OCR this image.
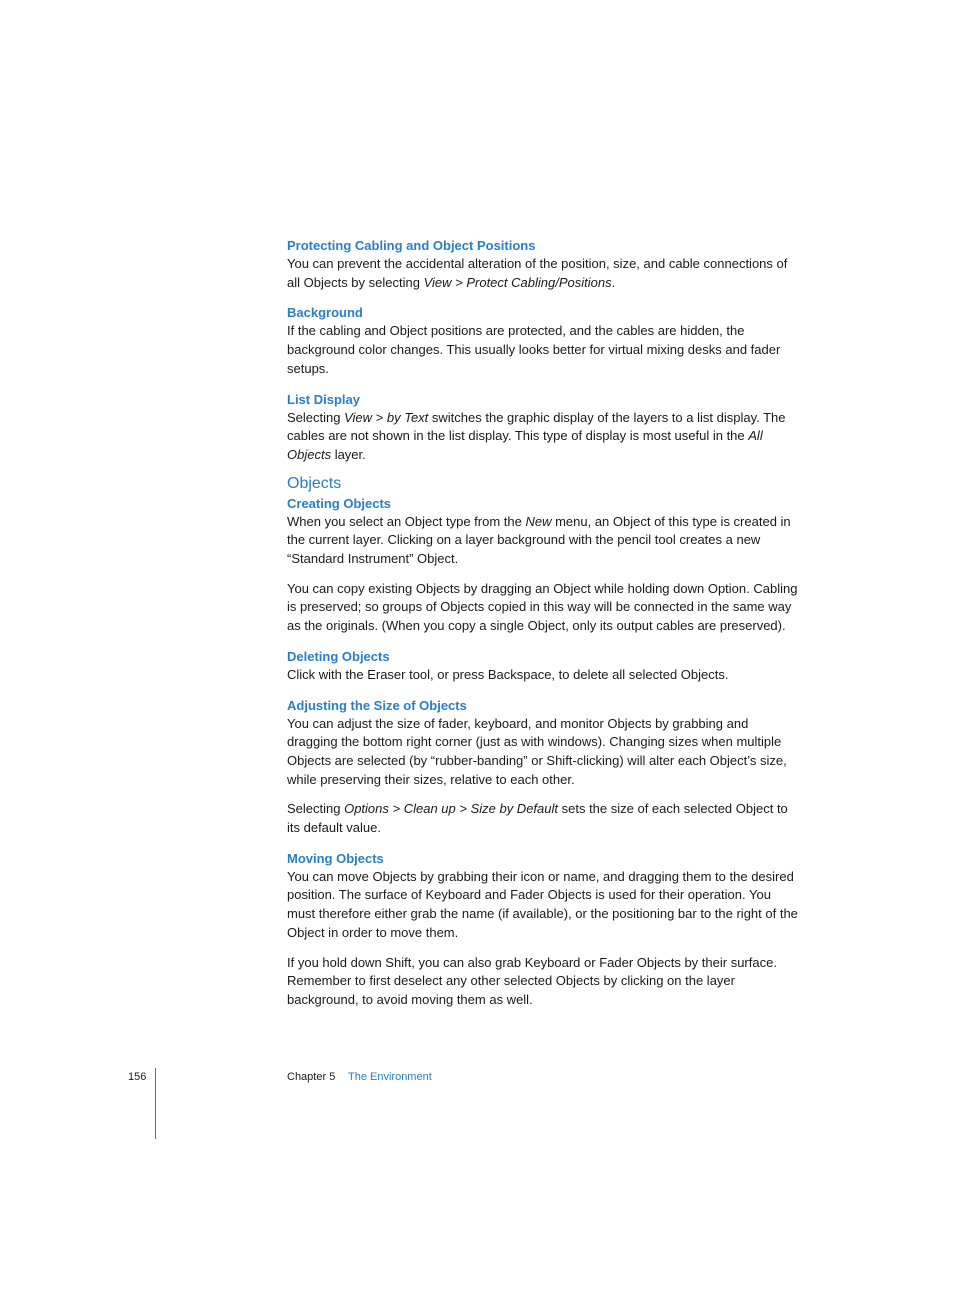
Protecting Cabling and Object Positions

You can prevent the accidental alteration of the position, size, and cable connections of all Objects by selecting View > Protect Cabling/Positions.

Background

If the cabling and Object positions are protected, and the cables are hidden, the background color changes. This usually looks better for virtual mixing desks and fader setups.

List Display

Selecting View > by Text switches the graphic display of the layers to a list display. The cables are not shown in the list display. This type of display is most useful in the All Objects layer.

Objects
Creating Objects

When you select an Object type from the New menu, an Object of this type is created in the current layer. Clicking on a layer background with the pencil tool creates a new “Standard Instrument” Object.

You can copy existing Objects by dragging an Object while holding down Option. Cabling is preserved; so groups of Objects copied in this way will be connected in the same way as the originals. (When you copy a single Object, only its output cables are preserved).

Deleting Objects

Click with the Eraser tool, or press Backspace, to delete all selected Objects.

Adjusting the Size of Objects

You can adjust the size of fader, keyboard, and monitor Objects by grabbing and dragging the bottom right corner (just as with windows). Changing sizes when multiple Objects are selected (by “rubber-banding” or Shift-clicking) will alter each Object’s size, while preserving their sizes, relative to each other.

Selecting Options > Clean up > Size by Default sets the size of each selected Object to its default value.

Moving Objects

You can move Objects by grabbing their icon or name, and dragging them to the desired position. The surface of Keyboard and Fader Objects is used for their operation. You must therefore either grab the name (if available), or the positioning bar to the right of the Object in order to move them.

If you hold down Shift, you can also grab Keyboard or Fader Objects by their surface. Remember to first deselect any other selected Objects by clicking on the layer background, to avoid moving them as well.

156	Chapter 5 The Environment
